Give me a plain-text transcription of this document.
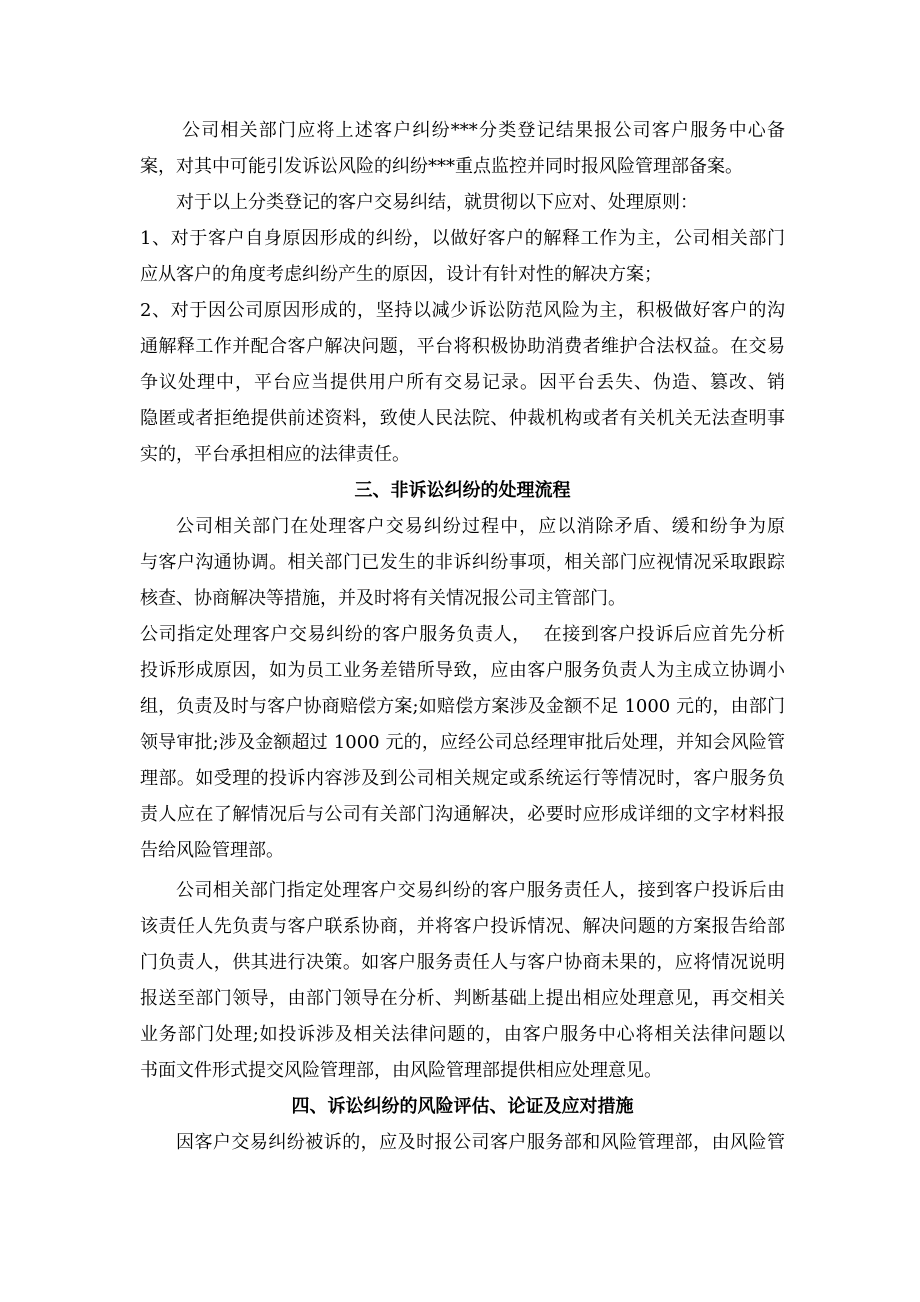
公司相关部门应将上述客户纠纷***分类登记结果报公司客户服务中心备
案，对其中可能引发诉讼风险的纠纷***重点监控并同时报风险管理部备案。
对于以上分类登记的客户交易纠结，就贯彻以下应对、处理原则：
1、对于客户自身原因形成的纠纷，以做好客户的解释工作为主，公司相关部门
应从客户的角度考虑纠纷产生的原因，设计有针对性的解决方案；
2、对于因公司原因形成的，坚持以减少诉讼防范风险为主，积极做好客户的沟
通解释工作并配合客户解决问题，平台将积极协助消费者维护合法权益。在交易
争议处理中，平台应当提供用户所有交易记录。因平台丢失、伪造、篡改、销
隐匿或者拒绝提供前述资料，致使人民法院、仲裁机构或者有关机关无法查明事
实的，平台承担相应的法律责任。
三、非诉讼纠纷的处理流程
公司相关部门在处理客户交易纠纷过程中，应以消除矛盾、缓和纷争为原
与客户沟通协调。相关部门已发生的非诉纠纷事项，相关部门应视情况采取跟踪
核查、协商解决等措施，并及时将有关情况报公司主管部门。
公司指定处理客户交易纠纷的客户服务负责人，  在接到客户投诉后应首先分析
投诉形成原因，如为员工业务差错所导致，应由客户服务负责人为主成立协调小
组，负责及时与客户协商赔偿方案;如赔偿方案涉及金额不足 1000 元的，由部门
领导审批;涉及金额超过 1000 元的，应经公司总经理审批后处理，并知会风险管
理部。如受理的投诉内容涉及到公司相关规定或系统运行等情况时，客户服务负
责人应在了解情况后与公司有关部门沟通解决，必要时应形成详细的文字材料报
告给风险管理部。
公司相关部门指定处理客户交易纠纷的客户服务责任人，接到客户投诉后由
该责任人先负责与客户联系协商，并将客户投诉情况、解决问题的方案报告给部
门负责人，供其进行决策。如客户服务责任人与客户协商未果的，应将情况说明
报送至部门领导，由部门领导在分析、判断基础上提出相应处理意见，再交相关
业务部门处理;如投诉涉及相关法律问题的，由客户服务中心将相关法律问题以
书面文件形式提交风险管理部，由风险管理部提供相应处理意见。
四、诉讼纠纷的风险评估、论证及应对措施
因客户交易纠纷被诉的，应及时报公司客户服务部和风险管理部，由风险管
